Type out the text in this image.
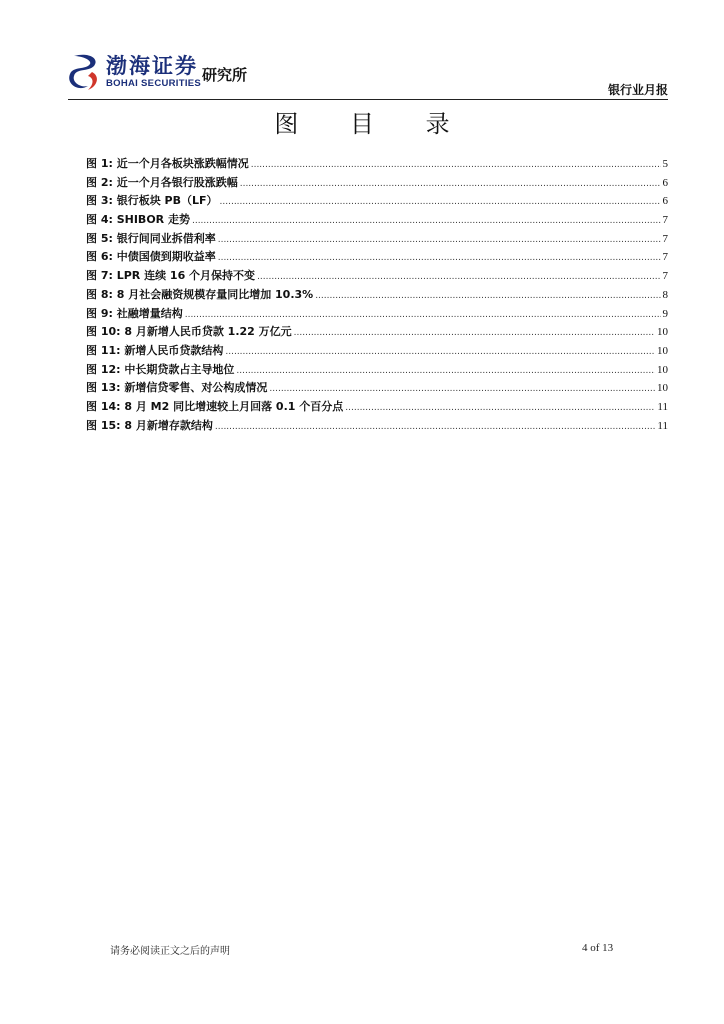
渤海证券
BOHAI SECURITIES 研究所
银行业月报
图 目 录
图 1: 近一个月各板块涨跌幅情况 .....	5
图 2: 近一个月各银行股涨跌幅 .....	6
图 3: 银行板块 PB（LF） .....	6
图 4: SHIBOR 走势 .....	7
图 5: 银行间同业拆借利率 .....	7
图 6: 中债国债到期收益率 .....	7
图 7: LPR 连续 16 个月保持不变 .....	7
图 8: 8 月社会融资规模存量同比增加 10.3% .....	8
图 9: 社融增量结构 .....	9
图 10: 8 月新增人民币贷款 1.22 万亿元 .....	10
图 11: 新增人民币贷款结构 .....	10
图 12: 中长期贷款占主导地位 .....	10
图 13: 新增信贷零售、对公构成情况 .....	10
图 14: 8 月 M2 同比增速较上月回落 0.1 个百分点 .....	11
图 15: 8 月新增存款结构 .....	11
请务必阅读正文之后的声明	4 of 13
